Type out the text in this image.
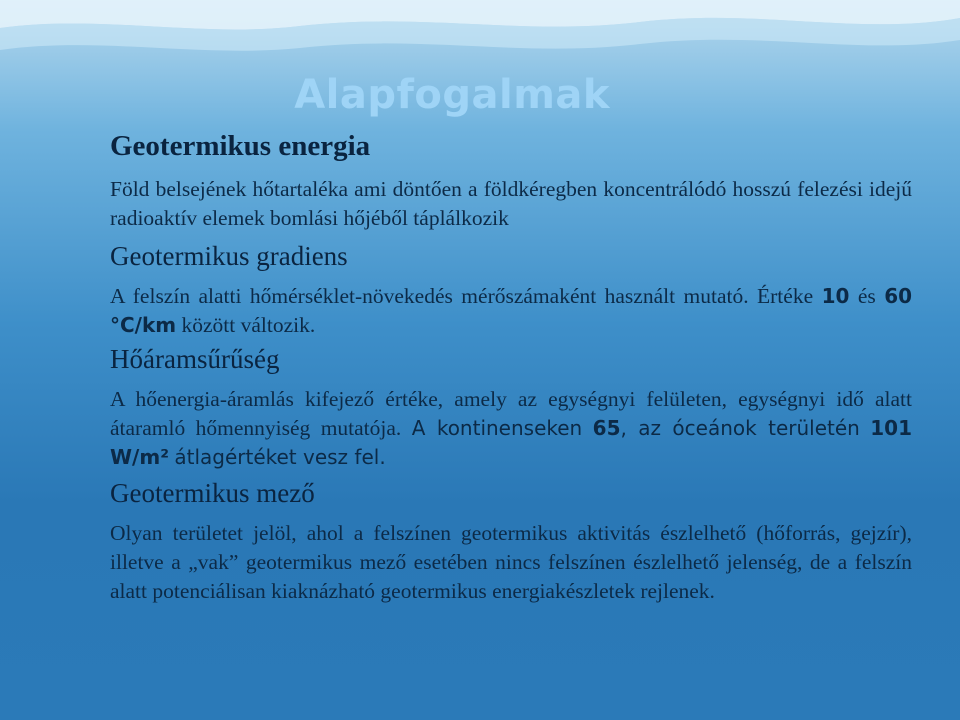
Alapfogalmak
Geotermikus energia

Föld belsejének hőtartaléka ami döntően a földkéregben koncentrálódó hosszú felezési idejű radioaktív elemek bomlási hőjéből táplálkozik

Geotermikus gradiens

A felszín alatti hőmérséklet-növekedés mérőszámaként használt mutató. Értéke 10 és 60 °C/km között változik.

Hőáramsűrűség

A hőenergia-áramlás kifejező értéke, amely az egységnyi felületen, egységnyi idő alatt átaramló hőmennyiség mutatója. A kontinenseken 65, az óceánok területén 101 W/m² átlagértéket vesz fel.

Geotermikus mező

Olyan területet jelöl, ahol a felszínen geotermikus aktivitás észlelhető (hőforrás, gejzír), illetve a „vak” geotermikus mező esetében nincs felszínen észlelhető jelenség, de a felszín alatt potenciálisan kiaknázható geotermikus energiakészletek rejlenek.
